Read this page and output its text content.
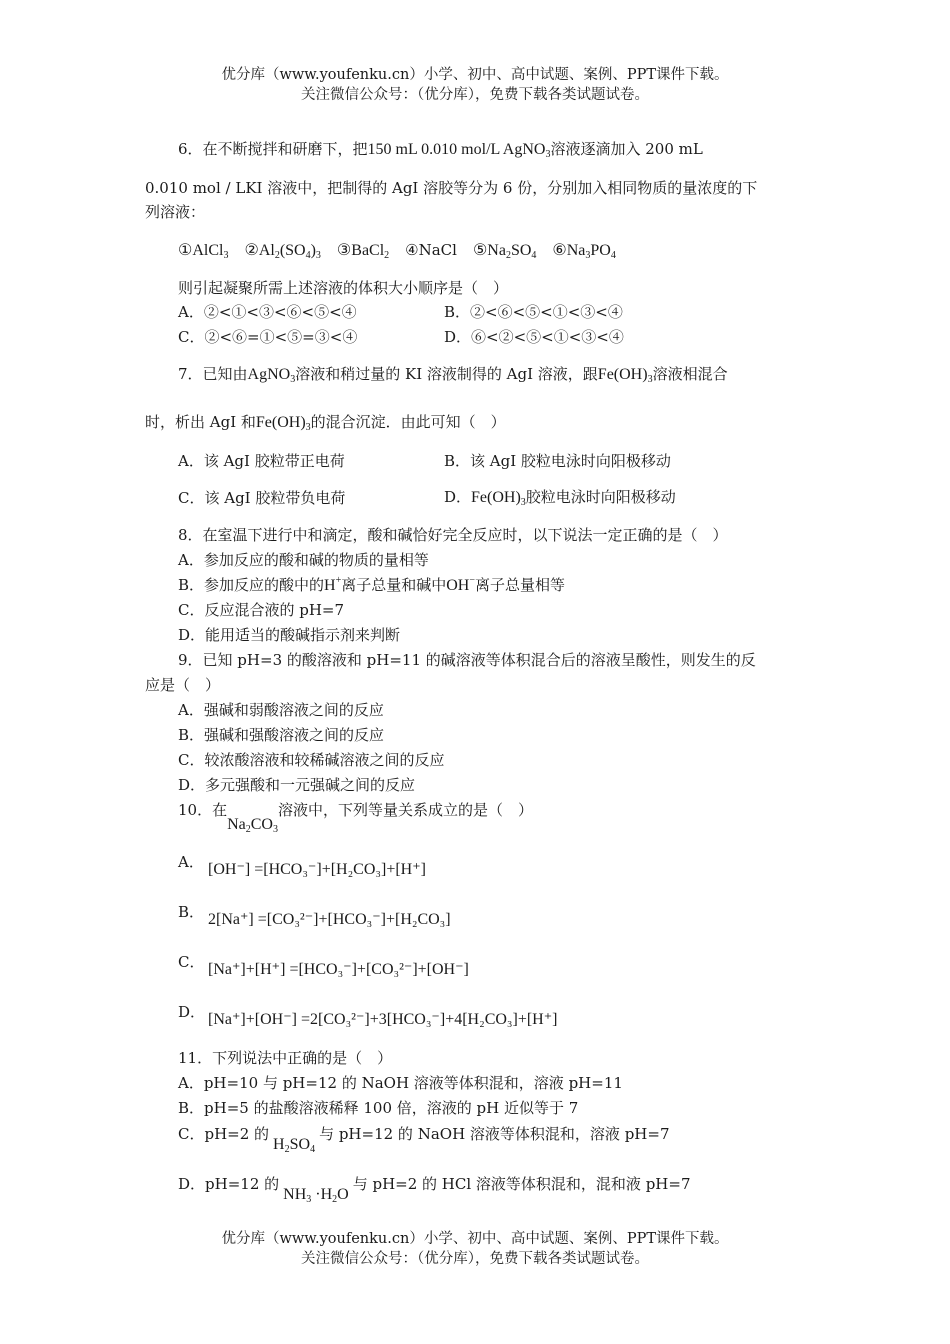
优分库（www.youfenku.cn）小学、初中、高中试题、案例、PPT课件下载。
关注微信公众号：（优分库），免费下载各类试题试卷。
6．在不断搅拌和研磨下，把150 mL 0.010 mol/L AgNO$_3$溶液逐滴加入 200 mL
0.010 mol / LKI 溶液中，把制得的 AgI 溶胶等分为 6 份，分别加入相同物质的量浓度的下
列溶液：
①AlCl$_3$ $②Al_2(SO_4)_3$ ③BaCl$_2$ ④NaCl $⑤Na_2SO_4$ $⑥Na_3PO_4$
则引起凝聚所需上述溶液的体积大小顺序是（　）
A．②<①<③<⑥<⑤<④	B．②<⑥<⑤<①<③<④
C．②<⑥=①<⑤=③<④	D．⑥<②<⑤<①<③<④
7．已知由AgNO$_3$溶液和稍过量的 KI 溶液制得的 AgI 溶液，跟$Fe(OH)_3$溶液相混合
时，析出 AgI 和$Fe(OH)_3$的混合沉淀．由此可知（　）
A．该 AgI 胶粒带正电荷	B．该 AgI 胶粒电泳时向阳极移动
C．该 AgI 胶粒带负电荷	D．$Fe(OH)_3$胶粒电泳时向阳极移动
8．在室温下进行中和滴定，酸和碱恰好完全反应时，以下说法一定正确的是（　）
A．参加反应的酸和碱的物质的量相等
B．参加反应的酸中的H+离子总量和碱中OH−离子总量相等
C．反应混合液的 pH=7
D．能用适当的酸碱指示剂来判断
9．已知 pH=3 的酸溶液和 pH=11 的碱溶液等体积混合后的溶液呈酸性，则发生的反
应是（　）
A．强碱和弱酸溶液之间的反应
B．强碱和强酸溶液之间的反应
C．较浓酸溶液和较稀碱溶液之间的反应
D．多元强酸和一元强碱之间的反应
10．在$Na_2CO_3$溶液中，下列等量关系成立的是（　）
A． [OH⁻] =[HCO₃⁻]+[H₂CO₃]+[H⁺]
B． 2[Na⁺] =[CO₃²⁻]+[HCO₃⁻]+[H₂CO₃]
C． [Na⁺]+[H⁺] =[HCO₃⁻]+[CO₃²⁻]+[OH⁻]
D． [Na⁺]+[OH⁻] =2[CO₃²⁻]+3[HCO₃⁻]+4[H₂CO₃]+[H⁺]
11．下列说法中正确的是（　）
A．pH=10 与 pH=12 的 NaOH 溶液等体积混和，溶液 pH=11
B．pH=5 的盐酸溶液稀释 100 倍，溶液的 pH 近似等于 7
C．pH=2 的$H_2SO_4$与 pH=12 的 NaOH 溶液等体积混和，溶液 pH=7
D．pH=12 的$NH_3 \cdot H_2O$与 pH=2 的 HCl 溶液等体积混和，混和液 pH=7
优分库（www.youfenku.cn）小学、初中、高中试题、案例、PPT课件下载。
关注微信公众号：（优分库），免费下载各类试题试卷。
